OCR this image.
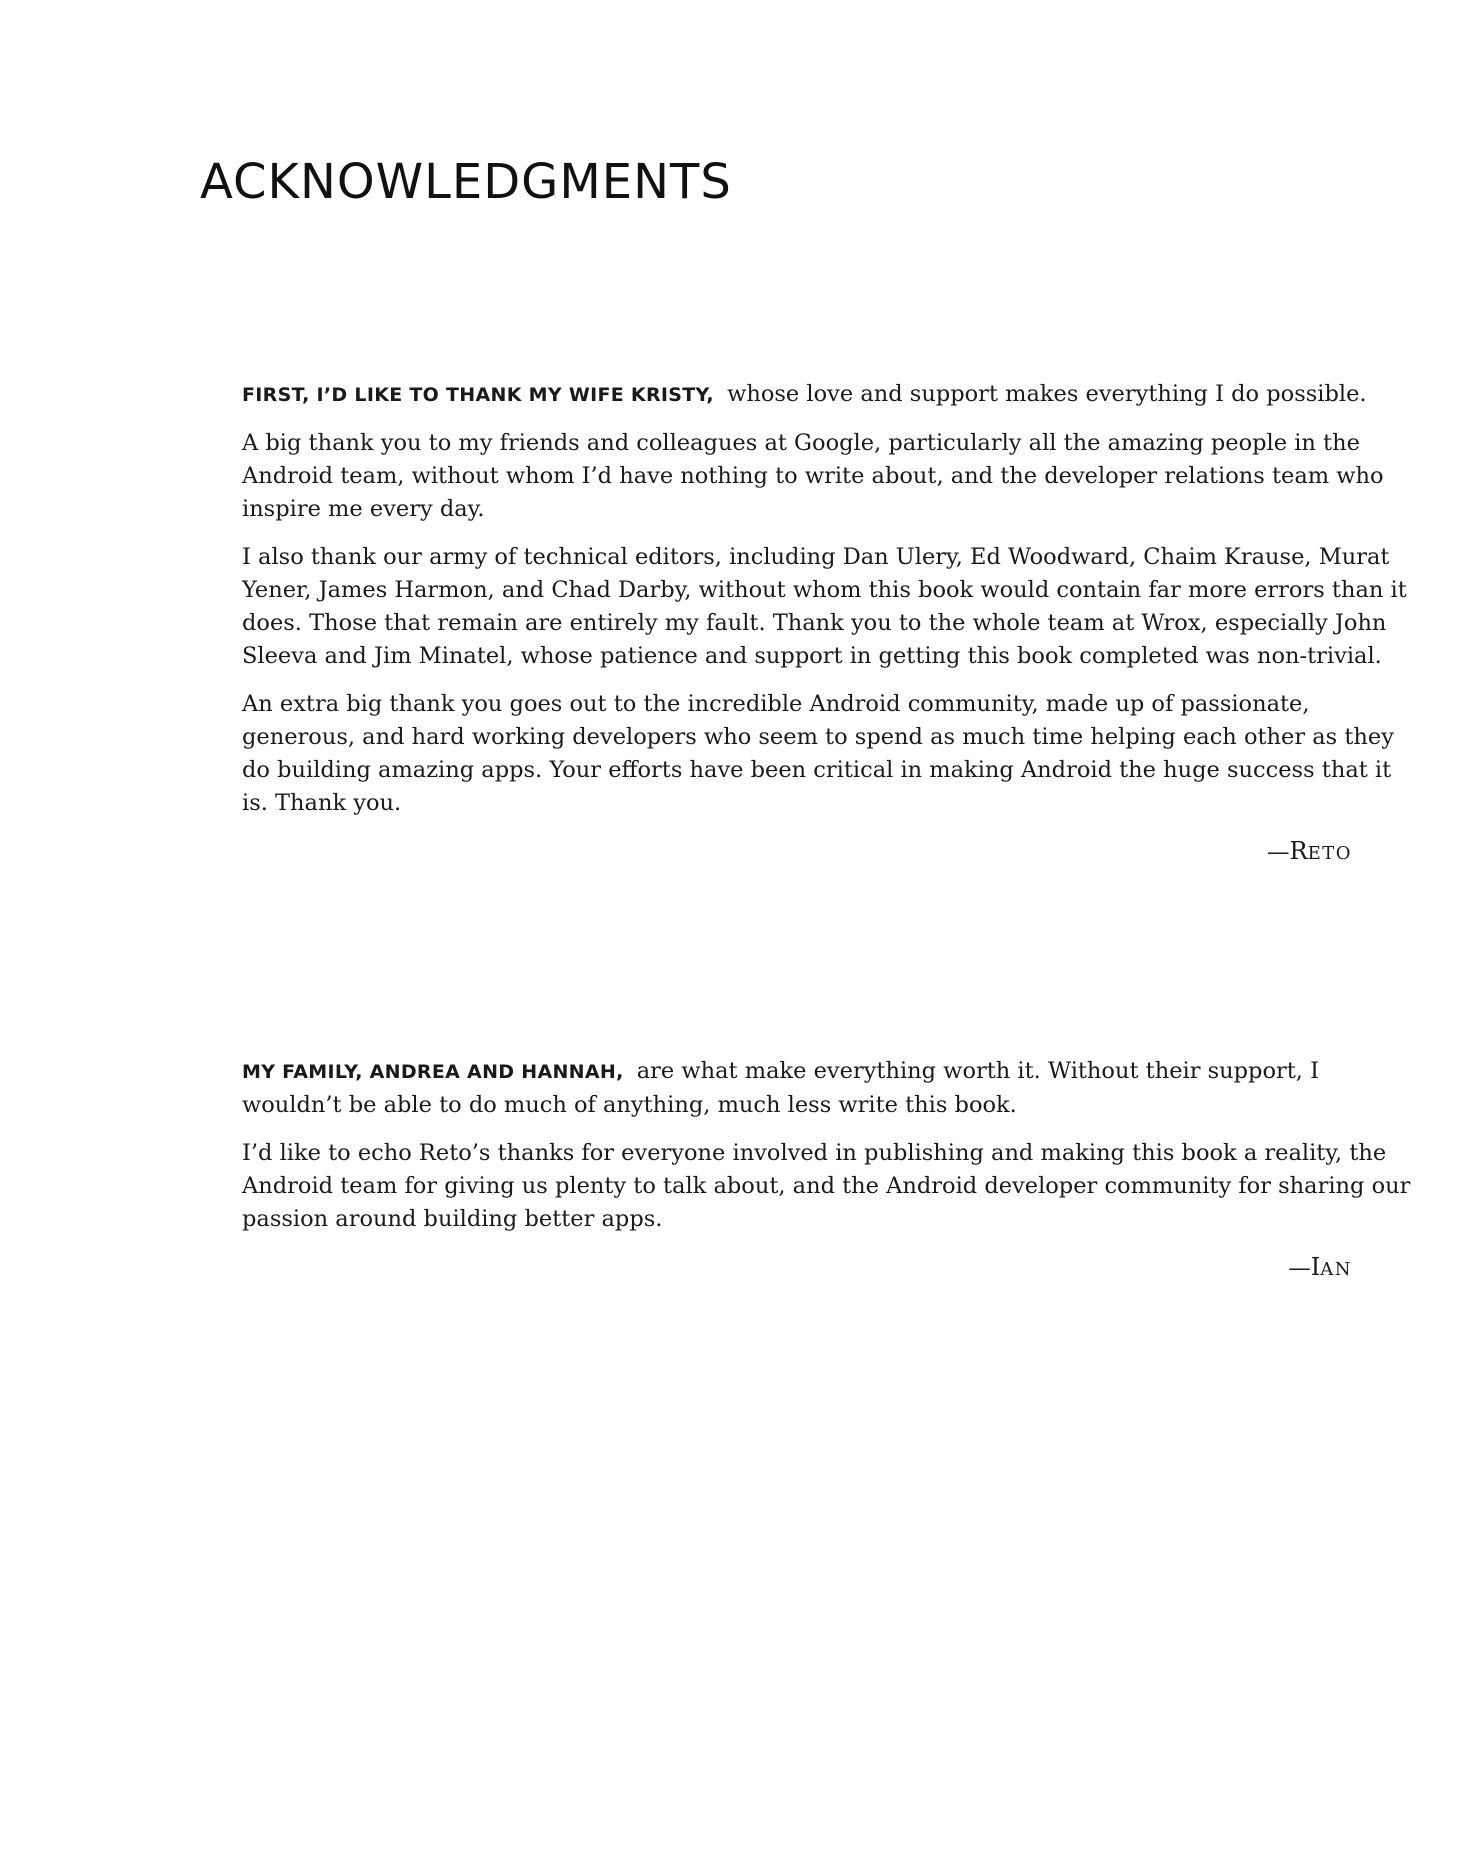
ACKNOWLEDGMENTS

FIRST, I’D LIKE TO THANK MY WIFE KRISTY, whose love and support makes everything I do possible.

A big thank you to my friends and colleagues at Google, particularly all the amazing people in the Android team, without whom I’d have nothing to write about, and the developer relations team who inspire me every day.

I also thank our army of technical editors, including Dan Ulery, Ed Woodward, Chaim Krause, Murat Yener, James Harmon, and Chad Darby, without whom this book would contain far more errors than it does. Those that remain are entirely my fault. Thank you to the whole team at Wrox, especially John Sleeva and Jim Minatel, whose patience and support in getting this book completed was non-trivial.

An extra big thank you goes out to the incredible Android community, made up of passionate, generous, and hard working developers who seem to spend as much time helping each other as they do building amazing apps. Your efforts have been critical in making Android the huge success that it is. Thank you.

—RETO

MY FAMILY, ANDREA AND HANNAH, are what make everything worth it. Without their support, I wouldn’t be able to do much of anything, much less write this book.

I’d like to echo Reto’s thanks for everyone involved in publishing and making this book a reality, the Android team for giving us plenty to talk about, and the Android developer community for sharing our passion around building better apps.

—IAN
